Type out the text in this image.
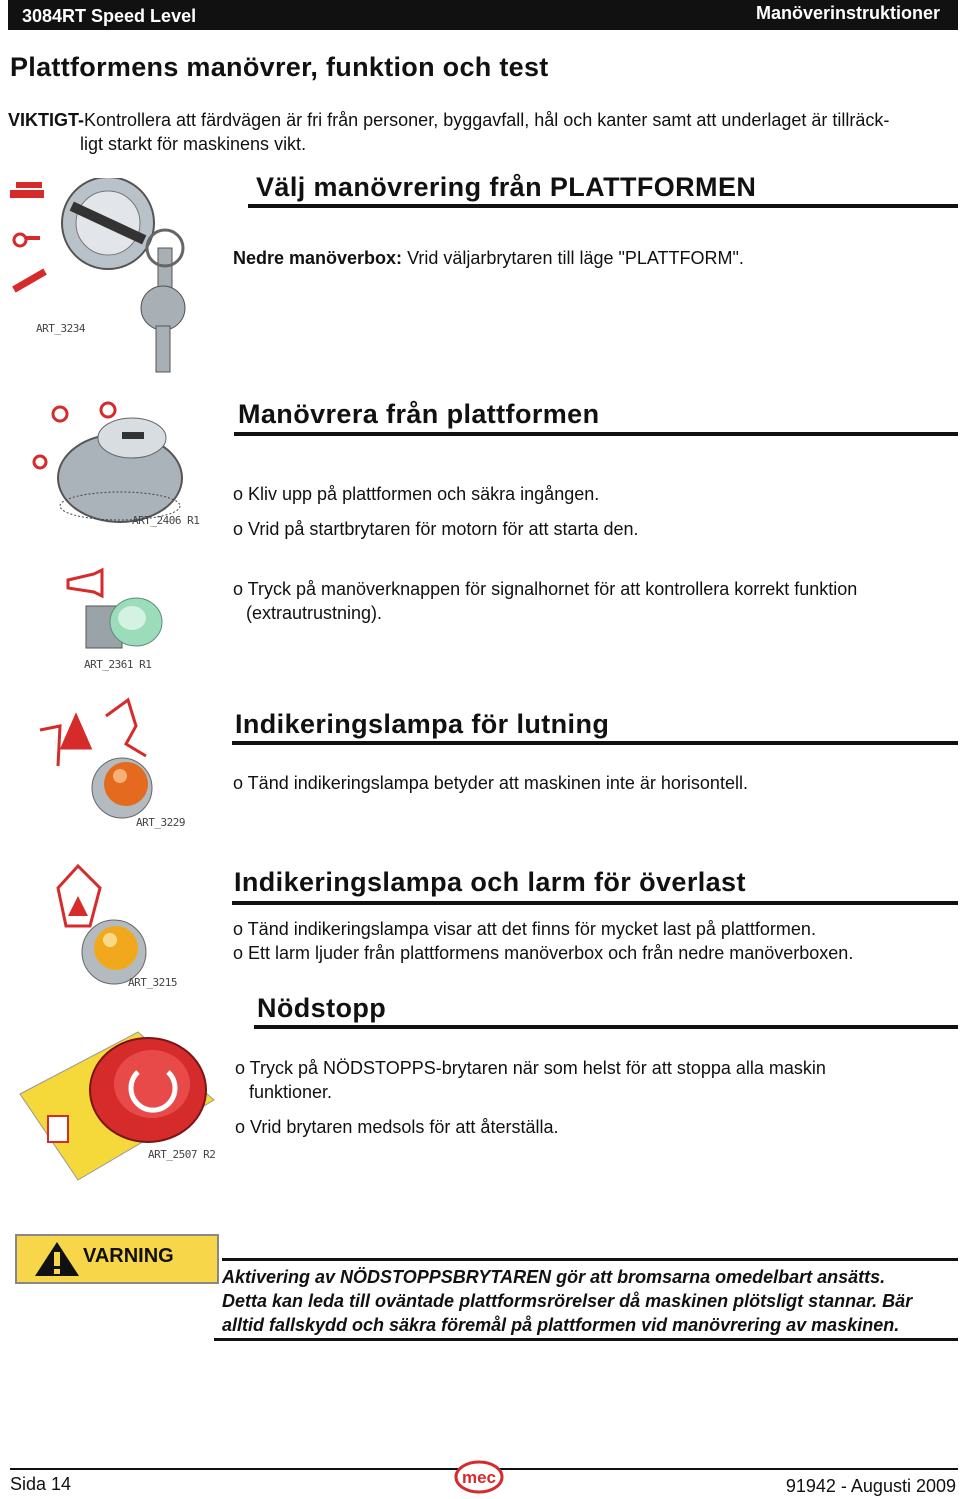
3084RT Speed Level	Manöverinstruktioner
Plattformens manövrer, funktion och test
VIKTIGT-Kontrollera att färdvägen är fri från personer, byggavfall, hål och kanter samt att underlaget är tillräck-
ligt starkt för maskinens vikt.
ART_3234
Välj manövrering från PLATTFORMEN
Nedre manöverbox: Vrid väljarbrytaren till läge "PLATTFORM".
ART_2406 R1
ART_2361 R1
Manövrera från plattformen
o Kliv upp på plattformen och säkra ingången.
o Vrid på startbrytaren för motorn för att starta den.
o Tryck på manöverknappen för signalhornet för att kontrollera korrekt funktion
(extrautrustning).
ART_3229
Indikeringslampa för lutning
o Tänd indikeringslampa betyder att maskinen inte är horisontell.
ART_3215
Indikeringslampa och larm för överlast
o Tänd indikeringslampa visar att det finns för mycket last på plattformen.
o Ett larm ljuder från plattformens manöverbox och från nedre manöverboxen.
ART_2507 R2
Nödstopp
o Tryck på NÖDSTOPPS-brytaren när som helst för att stoppa alla maskin
funktioner.
o Vrid brytaren medsols för att återställa.
VARNING
Aktivering av NÖDSTOPPSBRYTAREN gör att bromsarna omedelbart ansätts.
Detta kan leda till oväntade plattformsrörelser då maskinen plötsligt stannar. Bär
alltid fallskydd och säkra föremål på plattformen vid manövrering av maskinen.
Sida 14	mec	91942 - Augusti 2009
